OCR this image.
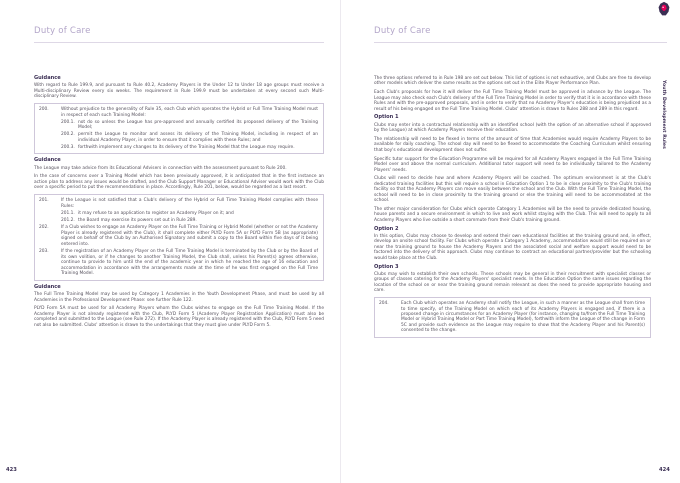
Duty of Care
Guidance
With regard to Rule 199.9, and pursuant to Rule 40.2, Academy Players in the Under 12 to Under 18 age groups must receive a Multi-disciplinary Review every six weeks. The requirement in Rule 199.9 must be undertaken at every second such Multi-disciplinary Review.
200.	Without prejudice to the generality of Rule 35, each Club which operates the Hybrid or Full Time Training Model must in respect of each such Training Model:
200.1. not do so unless the League has pre-approved and annually certified its proposed delivery of the Training Model;
200.2. permit the League to monitor and assess its delivery of the Training Model, including in respect of an individual Academy Player, in order to ensure that it complies with these Rules; and
200.3. forthwith implement any changes to its delivery of the Training Model that the League may require.
Guidance
The League may take advice from its Educational Advisers in connection with the assessment pursuant to Rule 200.
In the case of concerns over a Training Model which has been previously approved, it is anticipated that in the first instance an action plan to address any issues would be drafted, and the Club Support Manager or Educational Adviser would work with the Club over a specific period to put the recommendations in place. Accordingly, Rule 201, below, would be regarded as a last resort.
201.	If the League is not satisfied that a Club's delivery of the Hybrid or Full Time Training Model complies with these Rules:
201.1. it may refuse to an application to register an Academy Player on it; and
201.2. the Board may exercise its powers set out in Rule 289.
202.	If a Club wishes to engage an Academy Player on the Full Time Training or Hybrid Model (whether or not the Academy Player is already registered with the Club), it shall complete either PLYD Form 5A or PLYD Form 5B (as appropriate) signed on behalf of the Club by an Authorised Signatory and submit a copy to the Board within five days of it being entered into.
203.	If the registration of an Academy Player on the Full Time Training Model is terminated by the Club or by the Board of its own volition, or if he changes to another Training Model, the Club shall, unless his Parent(s) agrees otherwise, continue to provide to him until the end of the academic year in which he reached the age of 16 education and accommodation in accordance with the arrangements made at the time of he was first engaged on the Full Time Training Model.
Guidance
The Full Time Training Model may be used by Category 1 Academies in the Youth Development Phase, and must be used by all Academies in the Professional Development Phase: see further Rule 122.
PLYD Form 5A must be used for all Academy Players whom the Clubs wishes to engage on the Full Time Training Model. If the Academy Player is not already registered with the Club, PLYD Form 5 (Academy Player Registration Application) must also be completed and submitted to the League (see Rule 272). If the Academy Player is already registered with the Club, PLYD Form 5 need not also be submitted. Clubs' attention is drawn to the undertakings that they must give under PLYD Form 5.
423
Duty of Care
Youth Development Rules
The three options referred to in Rule 198 are set out below. This list of options is not exhaustive, and Clubs are free to develop other models which deliver the same results as the options set out in the Elite Player Performance Plan.
Each Club's proposals for how it will deliver the Full Time Training Model must be approved in advance by the League. The League may also check each Club's delivery of the Full Time Training Model in order to verify that it is in accordance with these Rules and with the pre-approved proposals, and in order to verify that no Academy Player's education is being prejudiced as a result of his being engaged on the Full Time Training Model. Clubs' attention is drawn to Rules 288 and 289 in this regard.
Option 1
Clubs may enter into a contractual relationship with an identified school (with the option of an alternative school if approved by the League) at which Academy Players receive their education.
The relationship will need to be flexed in terms of the amount of time that Academies would require Academy Players to be available for daily coaching. The school day will need to be flexed to accommodate the Coaching Curriculum whilst ensuring that boy's educational development does not suffer.
Specific tutor support for the Education Programme will be required for all Academy Players engaged in the Full Time Training Model over and above the normal curriculum. Additional tutor support will need to be individually tailored to the Academy Players' needs.
Clubs will need to decide how and where Academy Players will be coached. The optimum environment is at the Club's dedicated training facilities but this will require a school in Education Option 1 to be in close proximity to the Club's training facility so that the Academy Players can move easily between the school and the Club. With the Full Time Training Model, the school will need to be in close proximity to the training ground or else the training will need to be accommodated at the school.
The other major consideration for Clubs which operate Category 1 Academies will be the need to provide dedicated housing, house parents and a secure environment in which to live and work whilst staying with the Club. This will need to apply to all Academy Players who live outside a short commute from their Club's training ground.
Option 2
In this option, Clubs may choose to develop and extend their own educational facilities at the training ground and, in effect, develop an onsite school facility. For Clubs which operate a Category 1 Academy, accommodation would still be required on or near the training ground to house the Academy Players and the associated social and welfare support would need to be factored into the delivery of this approach. Clubs may continue to contract an educational partner/provider but the schooling would take place at the Club.
Option 3
Clubs may wish to establish their own schools. These schools may be general in their recruitment with specialist classes or groups of classes catering for the Academy Players' specialist needs. In the Education Option the same issues regarding the location of the school on or near the training ground remain relevant as does the need to provide appropriate housing and care.
204.	Each Club which operates an Academy shall notify the League, in such a manner as the League shall from time to time specify, of the Training Model on which each of its Academy Players is engaged and, if there is a proposed change in circumstances for an Academy Player (for instance, changing to/from the Full Time Training Model or Hybrid Training Model or Part Time Training Model), forthwith inform the League of the change in Form 5C and provide such evidence as the League may require to show that the Academy Player and his Parent(s) consented to the change.
424
